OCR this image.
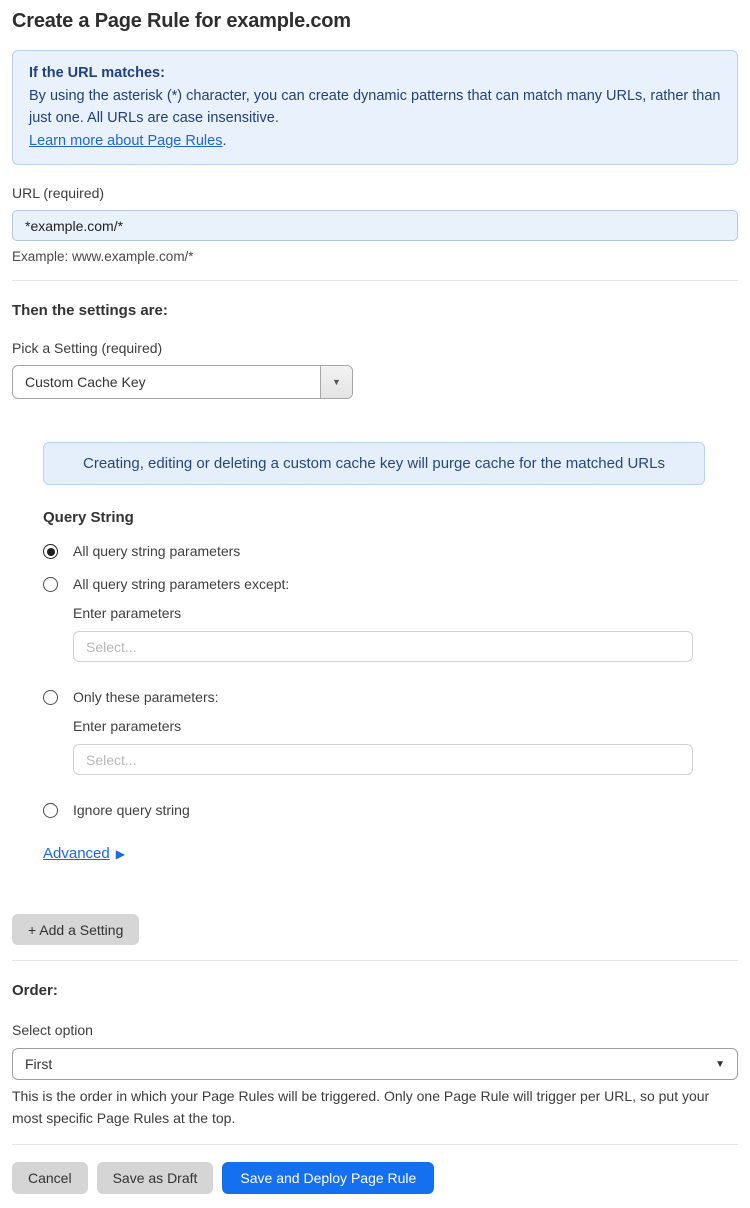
Create a Page Rule for example.com

If the URL matches:

By using the asterisk (*) character, you can create dynamic patterns that can match many URLs, rather than just one. All URLs are case insensitive.

Learn more about Page Rules.

URL (required)
*example.com/*
Example: www.example.com/*
Then the settings are:
Pick a Setting (required)
Custom Cache Key	▼
Creating, editing or deleting a custom cache key will purge cache for the matched URLs
Query String
All query string parameters
All query string parameters except:
Enter parameters
Select...
Only these parameters:
Enter parameters
Select...
Ignore query string
Advanced ▶
+ Add a Setting
Order:
Select option
First	▼
This is the order in which your Page Rules will be triggered. Only one Page Rule will trigger per URL, so put your most specific Page Rules at the top.
Cancel	Save as Draft	Save and Deploy Page Rule
